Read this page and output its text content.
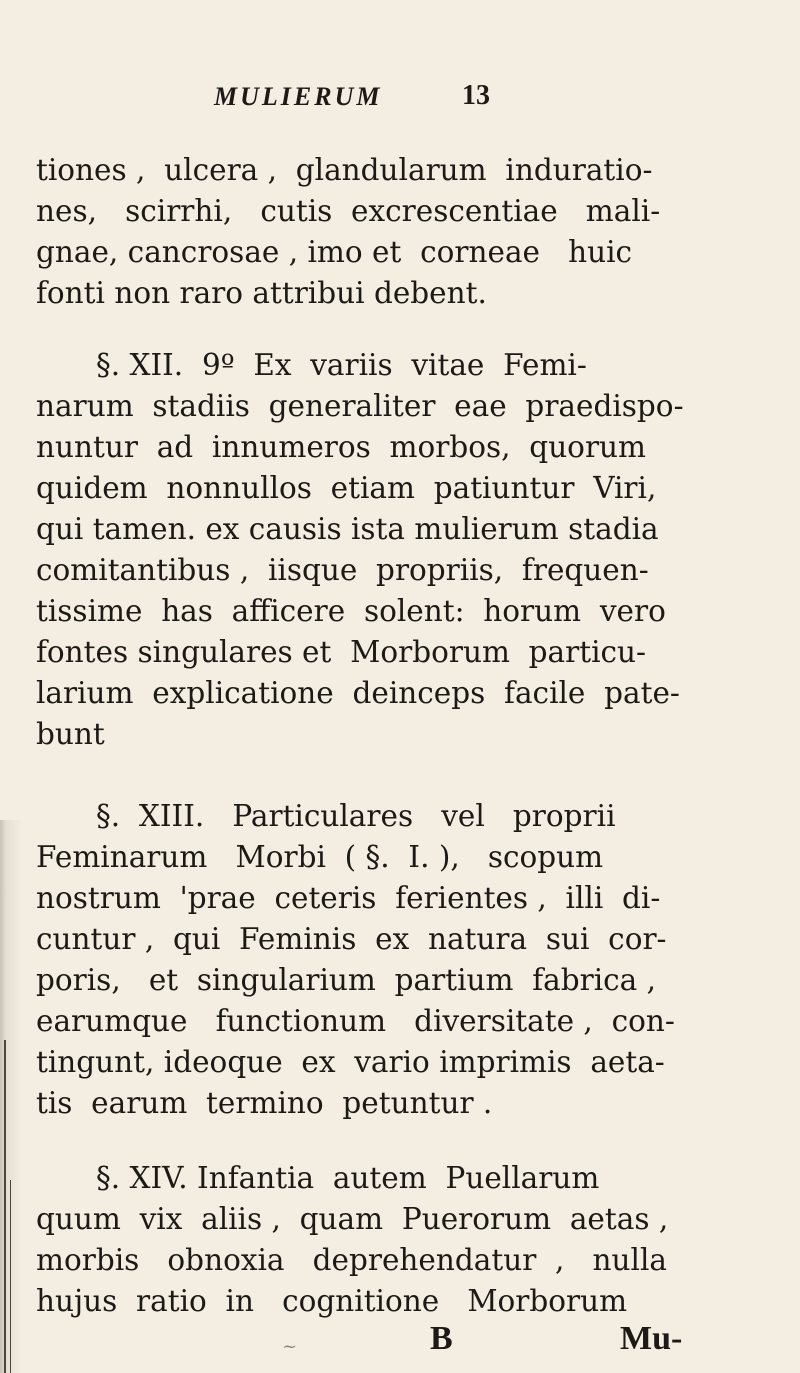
MULIERUM	13
tiones ,  ulcera ,  glandularum  induratio-
nes,   scirrhi,   cutis  excrescentiae   mali-
gnae, cancrosae , imo et  corneae   huic
fonti non raro attribui debent.
§. XII.  9º  Ex  variis  vitae  Femi-
narum  stadiis  generaliter  eae  praedispo-
nuntur  ad  innumeros  morbos,  quorum
quidem  nonnullos  etiam  patiuntur  Viri,
qui tamen. ex causis ista mulierum stadia
comitantibus ,  iisque  propriis,  frequen-
tissime  has  afficere  solent:  horum  vero
fontes singulares et  Morborum  particu-
larium  explicatione  deinceps  facile  pate-
bunt
§.  XIII.   Particulares   vel   proprii
Feminarum   Morbi  ( §.  I. ),   scopum
nostrum  'prae  ceteris  ferientes ,  illi  di-
cuntur ,  qui  Feminis  ex  natura  sui  cor-
poris,   et  singularium  partium  fabrica ,
earumque   functionum   diversitate ,  con-
tingunt, ideoque  ex  vario imprimis  aeta-
tis  earum  termino  petuntur .
§. XIV. Infantia  autem  Puellarum
quum  vix  aliis ,  quam  Puerorum  aetas ,
morbis   obnoxia   deprehendatur  ,   nulla
hujus  ratio  in   cognitione   Morborum
B	Mu-
~
